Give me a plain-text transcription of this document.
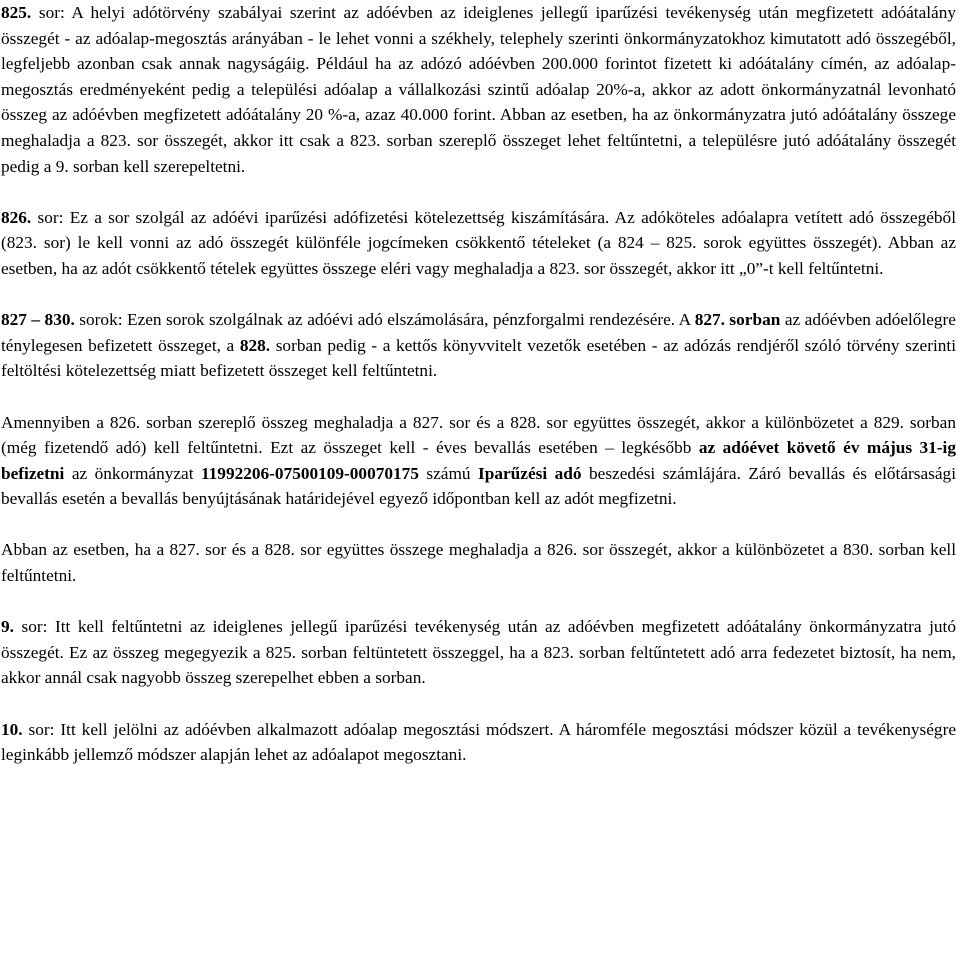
825. sor: A helyi adótörvény szabályai szerint az adóévben az ideiglenes jellegű iparűzési tevékenység után megfizetett adóátalány összegét - az adóalap-megosztás arányában - le lehet vonni a székhely, telephely szerinti önkormányzatokhoz kimutatott adó összegéből, legfeljebb azonban csak annak nagyságáig. Például ha az adózó adóévben 200.000 forintot fizetett ki adóátalány címén, az adóalap-megosztás eredményeként pedig a települési adóalap a vállalkozási szintű adóalap 20%-a, akkor az adott önkormányzatnál levonható összeg az adóévben megfizetett adóátalány 20 %-a, azaz 40.000 forint. Abban az esetben, ha az önkormányzatra jutó adóátalány összege meghaladja a 823. sor összegét, akkor itt csak a 823. sorban szereplő összeget lehet feltűntetni, a településre jutó adóátalány összegét pedig a 9. sorban kell szerepeltetni.

826. sor: Ez a sor szolgál az adóévi iparűzési adófizetési kötelezettség kiszámítására. Az adóköteles adóalapra vetített adó összegéből (823. sor) le kell vonni az adó összegét különféle jogcímeken csökkentő tételeket (a 824 – 825. sorok együttes összegét). Abban az esetben, ha az adót csökkentő tételek együttes összege eléri vagy meghaladja a 823. sor összegét, akkor itt „0”-t kell feltűntetni.

827 – 830. sorok: Ezen sorok szolgálnak az adóévi adó elszámolására, pénzforgalmi rendezésére. A 827. sorban az adóévben adóelőlegre ténylegesen befizetett összeget, a 828. sorban pedig - a kettős könyvvitelt vezetők esetében - az adózás rendjéről szóló törvény szerinti feltöltési kötelezettség miatt befizetett összeget kell feltűntetni.

Amennyiben a 826. sorban szereplő összeg meghaladja a 827. sor és a 828. sor együttes összegét, akkor a különbözetet a 829. sorban (még fizetendő adó) kell feltűntetni. Ezt az összeget kell - éves bevallás esetében – legkésőbb az adóévet követő év május 31-ig befizetni az önkormányzat 11992206-07500109-00070175 számú Iparűzési adó beszedési számlájára. Záró bevallás és előtársasági bevallás esetén a bevallás benyújtásának határidejével egyező időpontban kell az adót megfizetni.

Abban az esetben, ha a 827. sor és a 828. sor együttes összege meghaladja a 826. sor összegét, akkor a különbözetet a 830. sorban kell feltűntetni.

9. sor: Itt kell feltűntetni az ideiglenes jellegű iparűzési tevékenység után az adóévben megfizetett adóátalány önkormányzatra jutó összegét. Ez az összeg megegyezik a 825. sorban feltüntetett összeggel, ha a 823. sorban feltűntetett adó arra fedezetet biztosít, ha nem, akkor annál csak nagyobb összeg szerepelhet ebben a sorban.

10. sor: Itt kell jelölni az adóévben alkalmazott adóalap megosztási módszert. A háromféle megosztási módszer közül a tevékenységre leginkább jellemző módszer alapján lehet az adóalapot megosztani.
